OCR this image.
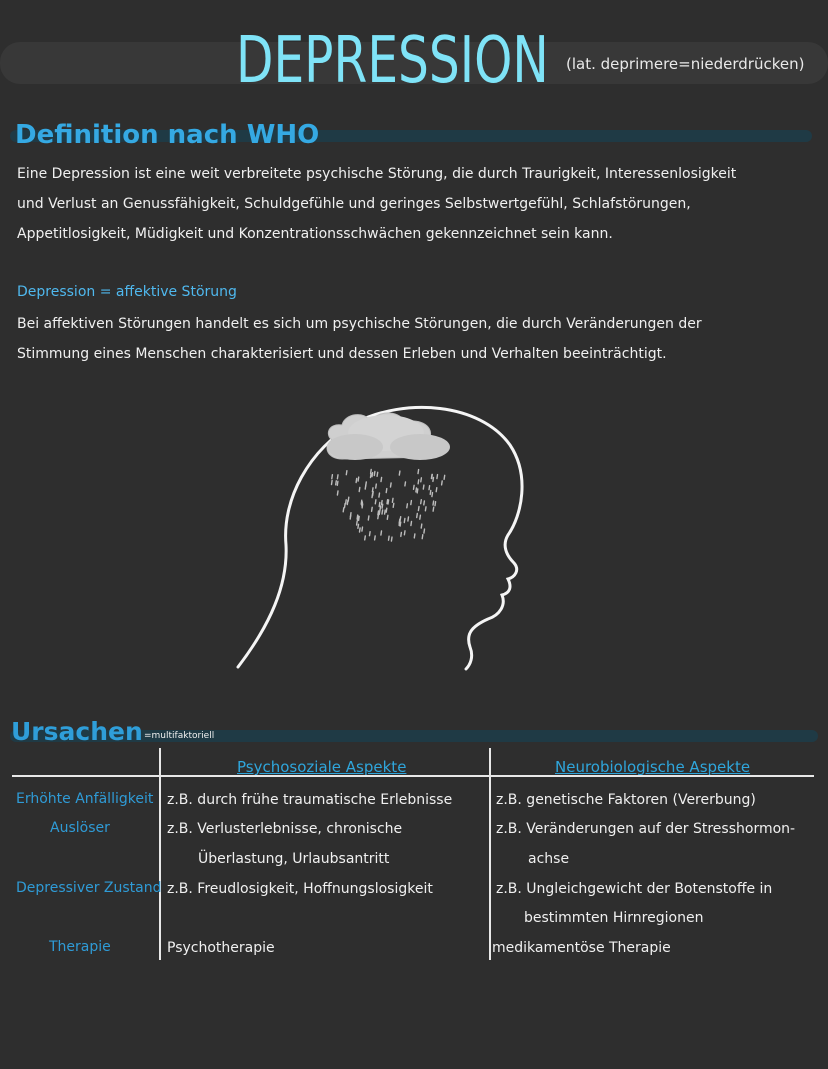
DEPRESSION (lat. deprimere=niederdrücken)
Definition nach WHO
Eine Depression ist eine weit verbreitete psychische Störung, die durch Traurigkeit, Interessenlosigkeit
und Verlust an Genussfähigkeit, Schuldgefühle und geringes Selbstwertgefühl, Schlafstörungen,
Appetitlosigkeit, Müdigkeit und Konzentrationsschwächen gekennzeichnet sein kann.
Depression = affektive Störung
Bei affektiven Störungen handelt es sich um psychische Störungen, die durch Veränderungen der
Stimmung eines Menschen charakterisiert und dessen Erleben und Verhalten beeinträchtigt.
Ursachen =multifaktoriell
Psychosoziale Aspekte	Neurobiologische Aspekte
Erhöhte Anfälligkeit
Auslöser
Depressiver Zustand
Therapie
z.B. durch frühe traumatische Erlebnisse
z.B. Verlusterlebnisse, chronische
Überlastung, Urlaubsantritt
z.B. Freudlosigkeit, Hoffnungslosigkeit
Psychotherapie
z.B. genetische Faktoren (Vererbung)
z.B. Veränderungen auf der Stresshormon-
achse
z.B. Ungleichgewicht der Botenstoffe in
bestimmten Hirnregionen
medikamentöse Therapie
